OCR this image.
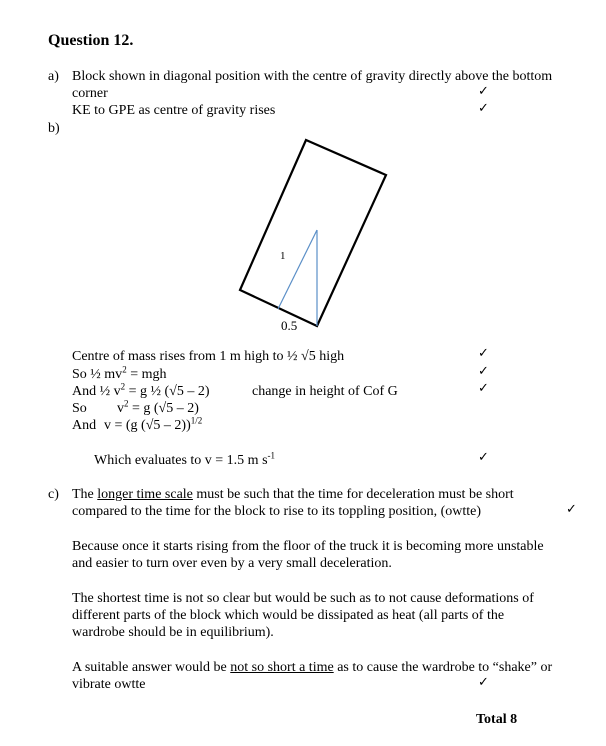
Question 12.
a) Block shown in diagonal position with the centre of gravity directly above the bottom
corner	✓
KE to GPE as centre of gravity rises	✓
b)
1
0.5
Centre of mass rises from 1 m high to ½ √5 high	✓
So ½ $mv^2$ = mgh	✓
And ½ $v^2 = g$ ½ (√5 – 2)	change in height of Cof G	✓
So $v^2 = g$ (√5 – 2)
And v = (g (√5 – 2))$^{1/2}$
Which evaluates to v = 1.5 m $s^{-1}$	✓
c) The longer time scale must be such that the time for deceleration must be short
compared to the time for the block to rise to its toppling position, (owtte)	✓
Because once it starts rising from the floor of the truck it is becoming more unstable
and easier to turn over even by a very small deceleration.
The shortest time is not so clear but would be such as to not cause deformations of
different parts of the block which would be dissipated as heat (all parts of the
wardrobe should be in equilibrium).
A suitable answer would be not so short a time as to cause the wardrobe to “shake” or
vibrate owtte	✓
Total 8
